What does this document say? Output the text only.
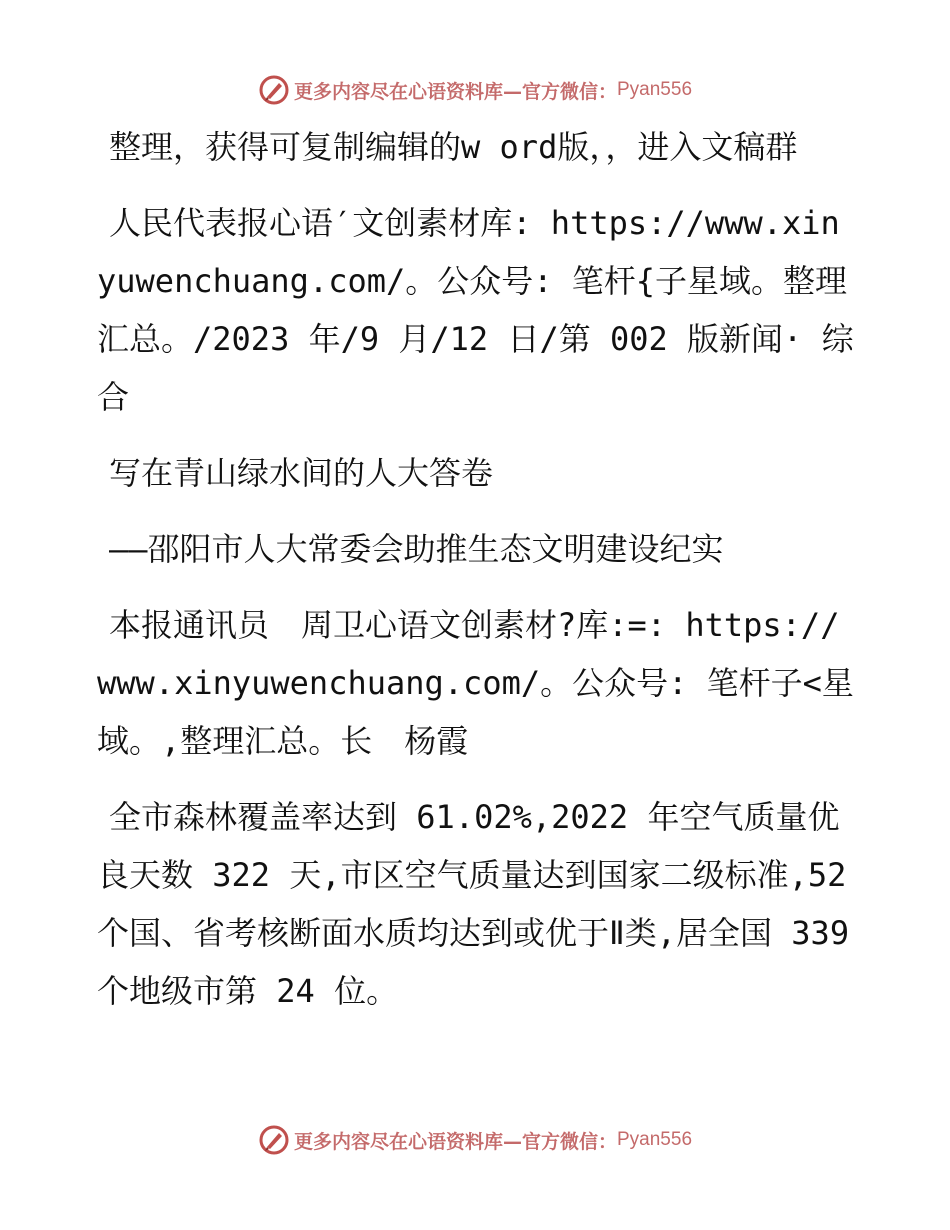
更多内容尽在心语资料库—官方微信： Pyan556

整理，获得可复制编辑的w ord版，，进入文稿群

人民代表报心语′文创素材库: https://www.xinyuwenchuang.com/。公众号: 笔杆{子星域。整理汇总。/2023 年/9 月/12 日/第 002 版新闻· 综合

写在青山绿水间的人大答卷

——邵阳市人大常委会助推生态文明建设纪实

本报通讯员　周卫心语文创素材?库:=: https://www.xinyuwenchuang.com/。公众号: 笔杆子<星域。,整理汇总。长　杨霞

全市森林覆盖率达到 61.02%,2022 年空气质量优良天数 322 天,市区空气质量达到国家二级标准,52 个国、省考核断面水质均达到或优于Ⅱ类,居全国 339 个地级市第 24 位。

更多内容尽在心语资料库—官方微信： Pyan556
